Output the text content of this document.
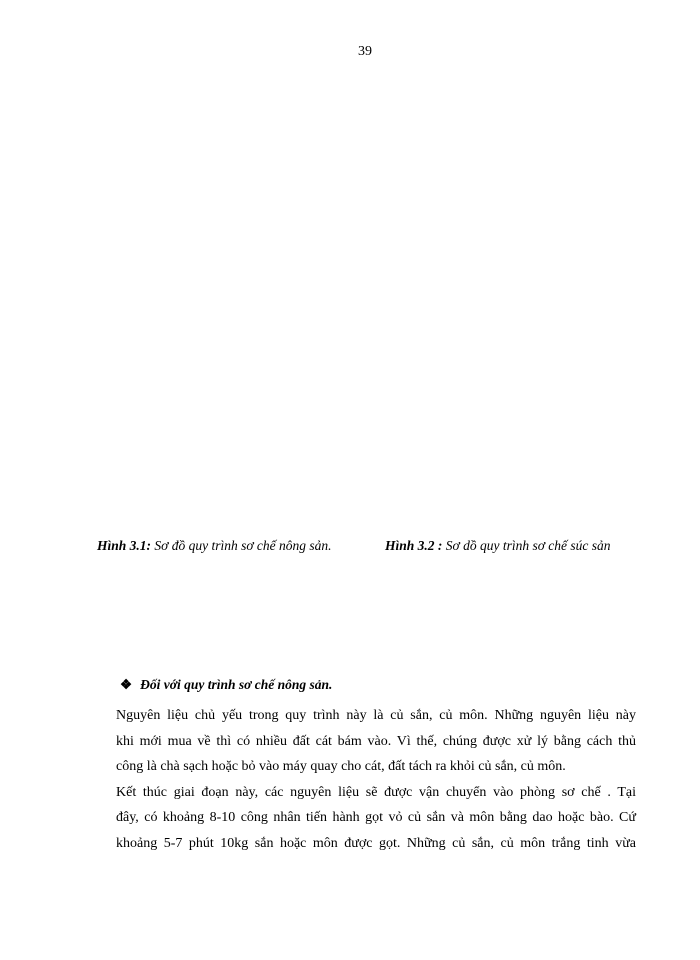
39
Hình 3.1: Sơ đồ quy trình sơ chế nông sản.	Hình 3.2 : Sơ dồ quy trình sơ chế súc sản
❖ Đối với quy trình sơ chế nông sản.
Nguyên liệu chủ yếu trong quy trình này là củ sắn, củ môn. Những nguyên liệu này
khi mới mua về thì có nhiều đất cát bám vào. Vì thế, chúng được xử lý bằng cách thủ
công là chà sạch hoặc bỏ vào máy quay cho cát, đất tách ra khỏi củ sắn, củ môn.
Kết thúc giai đoạn này, các nguyên liệu sẽ được vận chuyển vào phòng sơ chế . Tại
đây, có khoảng 8-10 công nhân tiến hành gọt vỏ củ sắn và môn bằng dao hoặc bào. Cứ
khoảng 5-7 phút 10kg sắn hoặc môn được gọt. Những củ sắn, củ môn trắng tinh vừa
